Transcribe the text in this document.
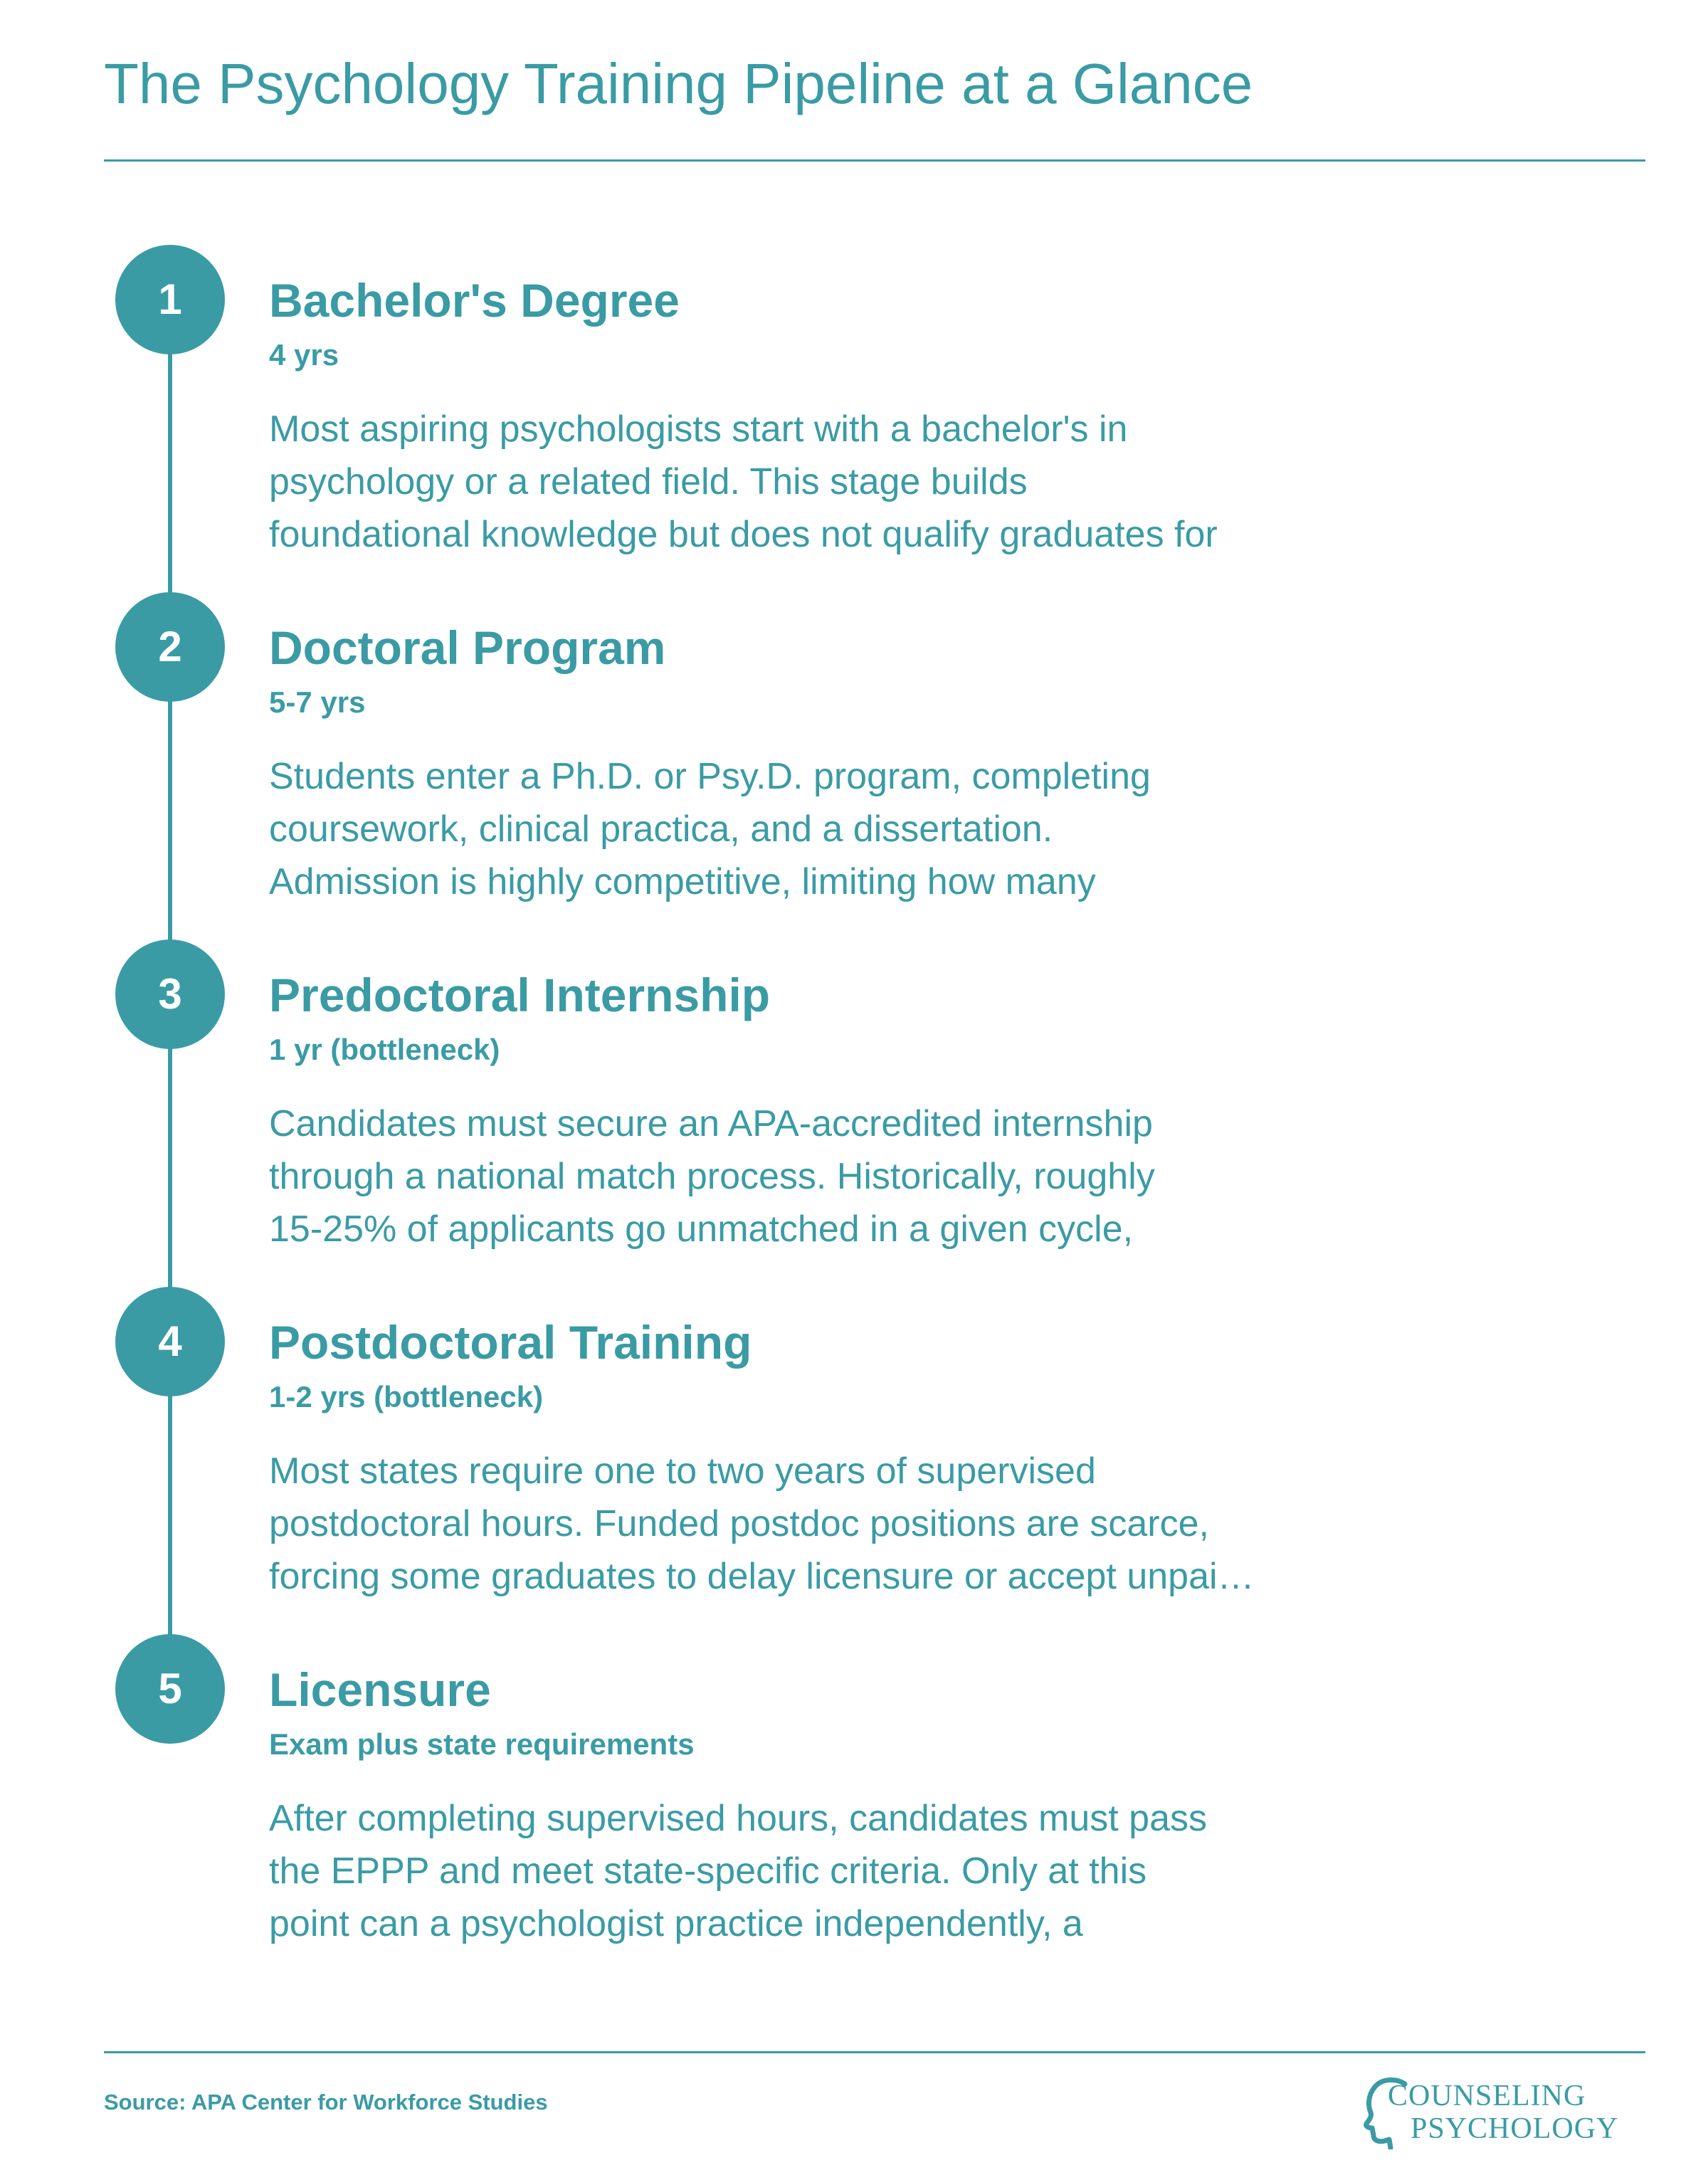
The Psychology Training Pipeline at a Glance
1	Bachelor's Degree
4 yrs
Most aspiring psychologists start with a bachelor's in
psychology or a related field. This stage builds
foundational knowledge but does not qualify graduates for
2	Doctoral Program
5-7 yrs
Students enter a Ph.D. or Psy.D. program, completing
coursework, clinical practica, and a dissertation.
Admission is highly competitive, limiting how many
3	Predoctoral Internship
1 yr (bottleneck)
Candidates must secure an APA-accredited internship
through a national match process. Historically, roughly
15-25% of applicants go unmatched in a given cycle,
4	Postdoctoral Training
1-2 yrs (bottleneck)
Most states require one to two years of supervised
postdoctoral hours. Funded postdoc positions are scarce,
forcing some graduates to delay licensure or accept unpai…
5	Licensure
Exam plus state requirements
After completing supervised hours, candidates must pass
the EPPP and meet state-specific criteria. Only at this
point can a psychologist practice independently, a
Source: APA Center for Workforce Studies	COUNSELING
PSYCHOLOGY
